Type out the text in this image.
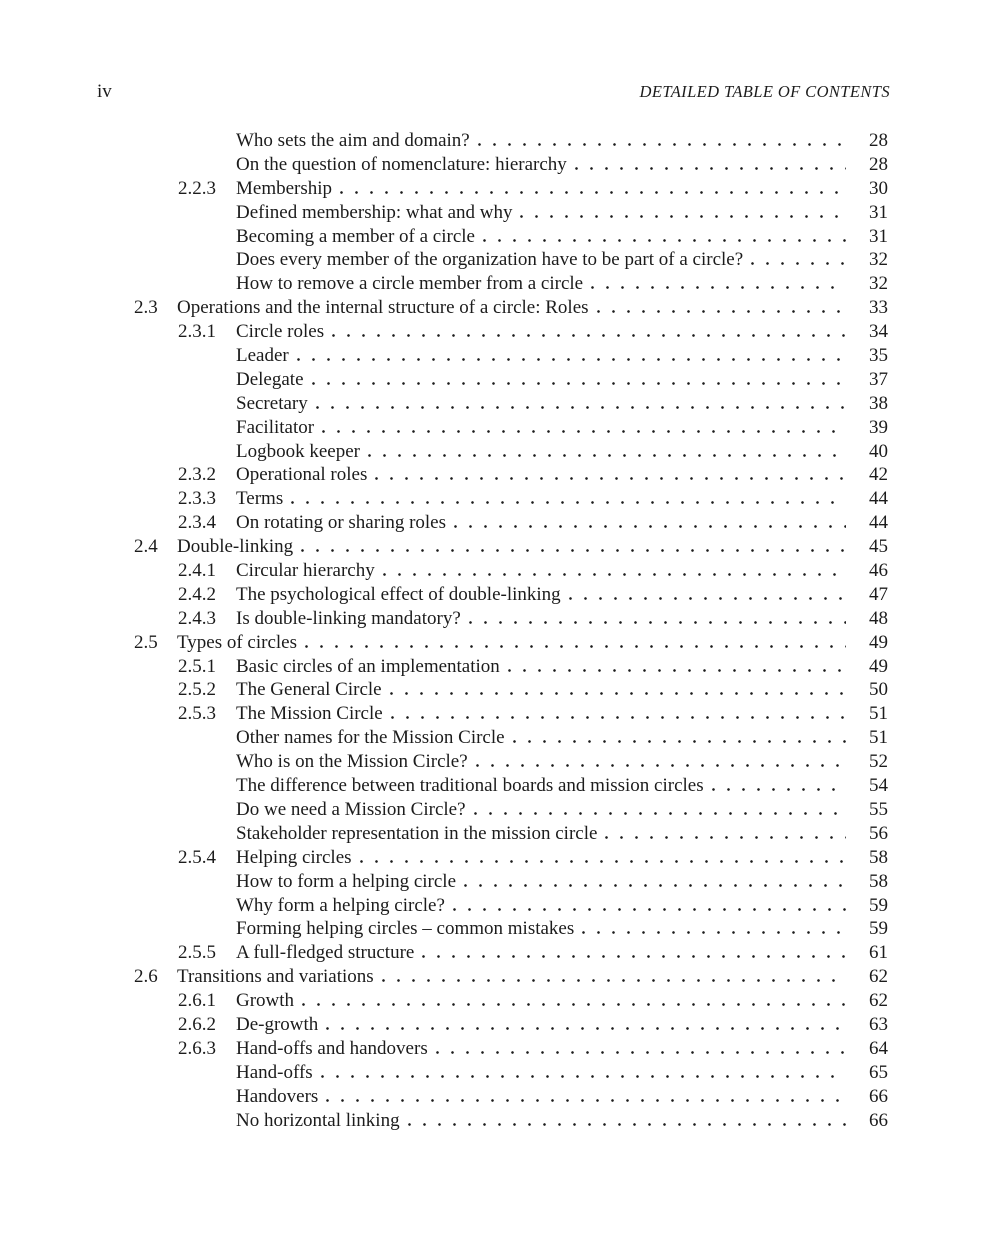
iv	DETAILED TABLE OF CONTENTS
Who sets the aim and domain?	28
On the question of nomenclature: hierarchy	28
2.2.3	Membership	30
Defined membership: what and why	31
Becoming a member of a circle	31
Does every member of the organization have to be part of a circle?	32
How to remove a circle member from a circle	32
2.3	Operations and the internal structure of a circle: Roles	33
2.3.1	Circle roles	34
Leader	35
Delegate	37
Secretary	38
Facilitator	39
Logbook keeper	40
2.3.2	Operational roles	42
2.3.3	Terms	44
2.3.4	On rotating or sharing roles	44
2.4	Double-linking	45
2.4.1	Circular hierarchy	46
2.4.2	The psychological effect of double-linking	47
2.4.3	Is double-linking mandatory?	48
2.5	Types of circles	49
2.5.1	Basic circles of an implementation	49
2.5.2	The General Circle	50
2.5.3	The Mission Circle	51
Other names for the Mission Circle	51
Who is on the Mission Circle?	52
The difference between traditional boards and mission circles	54
Do we need a Mission Circle?	55
Stakeholder representation in the mission circle	56
2.5.4	Helping circles	58
How to form a helping circle	58
Why form a helping circle?	59
Forming helping circles – common mistakes	59
2.5.5	A full-fledged structure	61
2.6	Transitions and variations	62
2.6.1	Growth	62
2.6.2	De-growth	63
2.6.3	Hand-offs and handovers	64
Hand-offs	65
Handovers	66
No horizontal linking	66
